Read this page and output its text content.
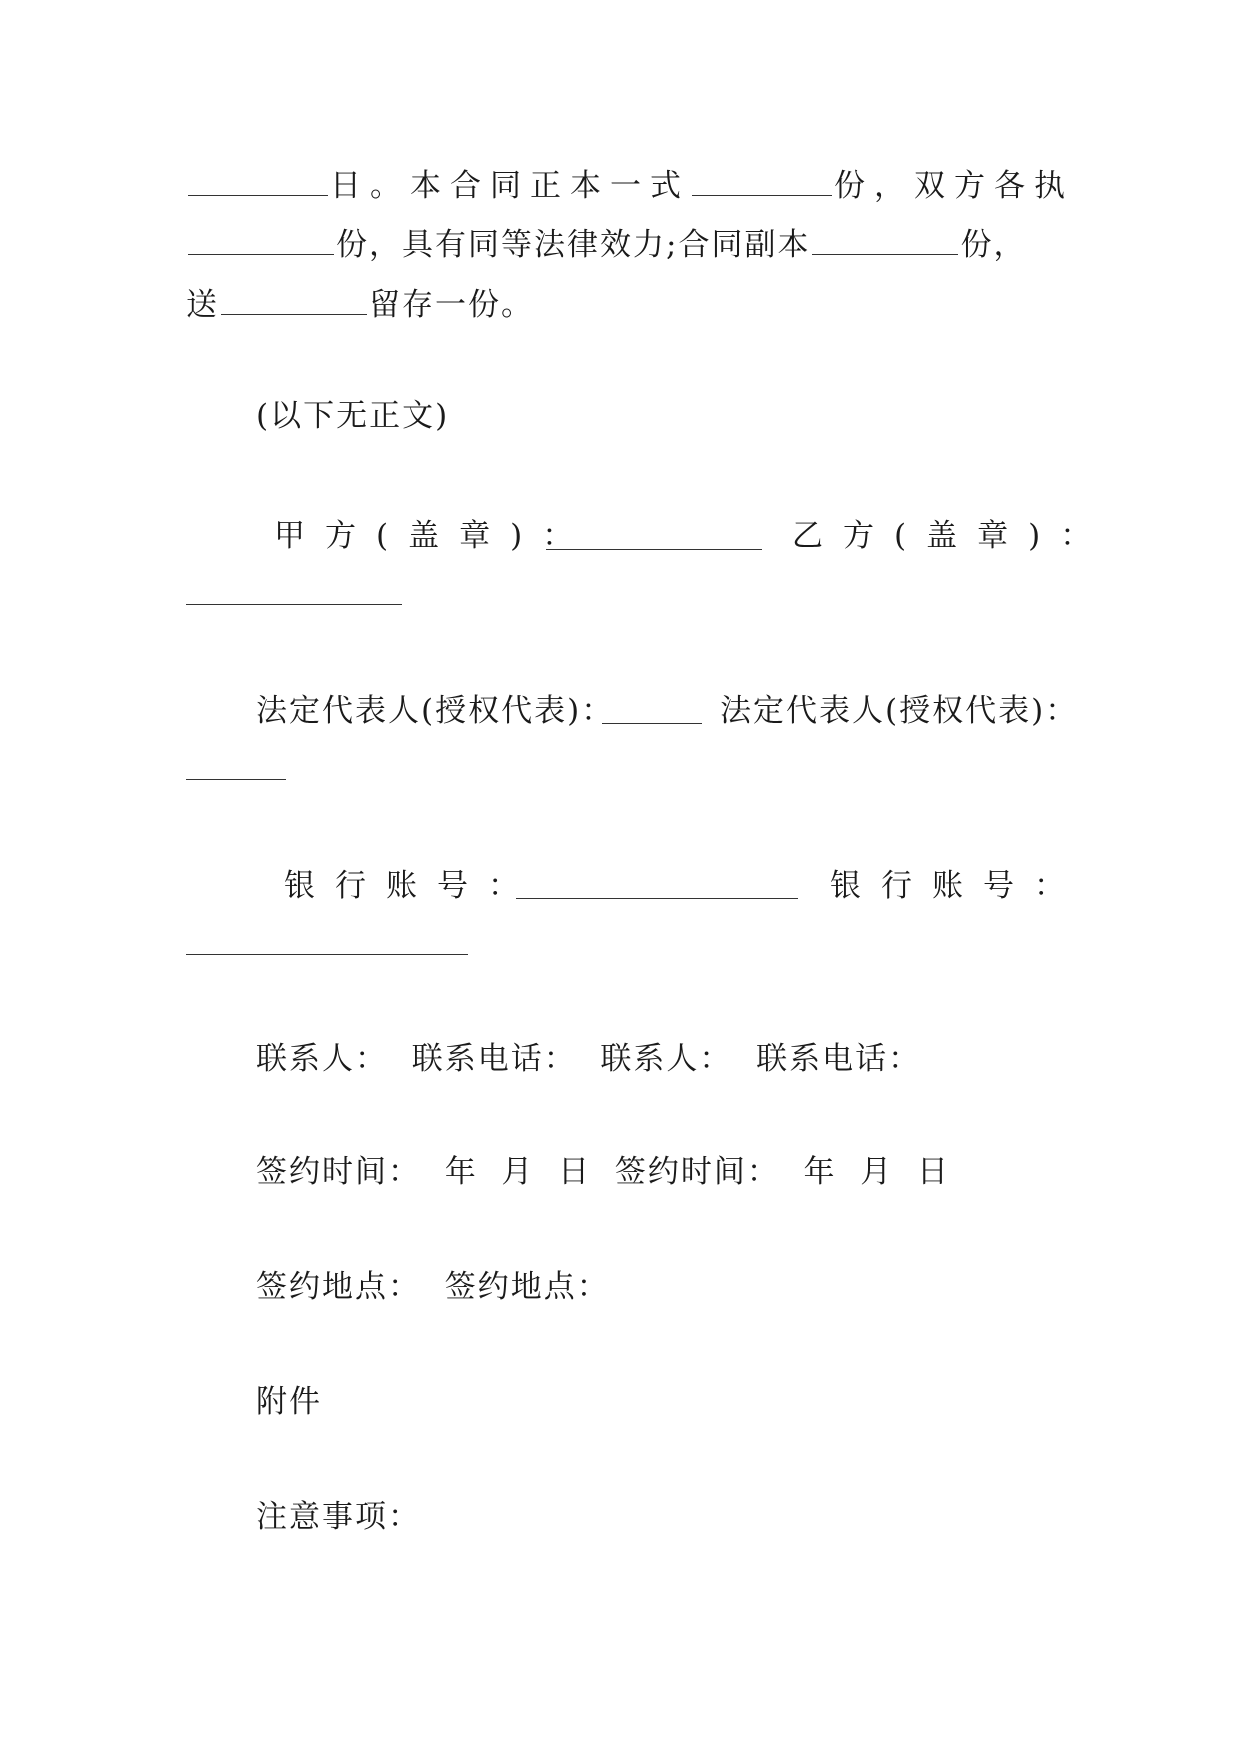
日。本合同正本一式	份，双方各执
份，具有同等法律效力;合同副本	份，
送	留存一份。
(以下无正文)
甲方(盖章)：	乙方(盖章)：
法定代表人(授权代表)：	法定代表人(授权代表)：
银行账号：	银行账号：
联系人：  联系电话：  联系人：  联系电话：
签约时间：  年  月  日  签约时间：  年  月  日
签约地点：  签约地点：
附件
注意事项：
